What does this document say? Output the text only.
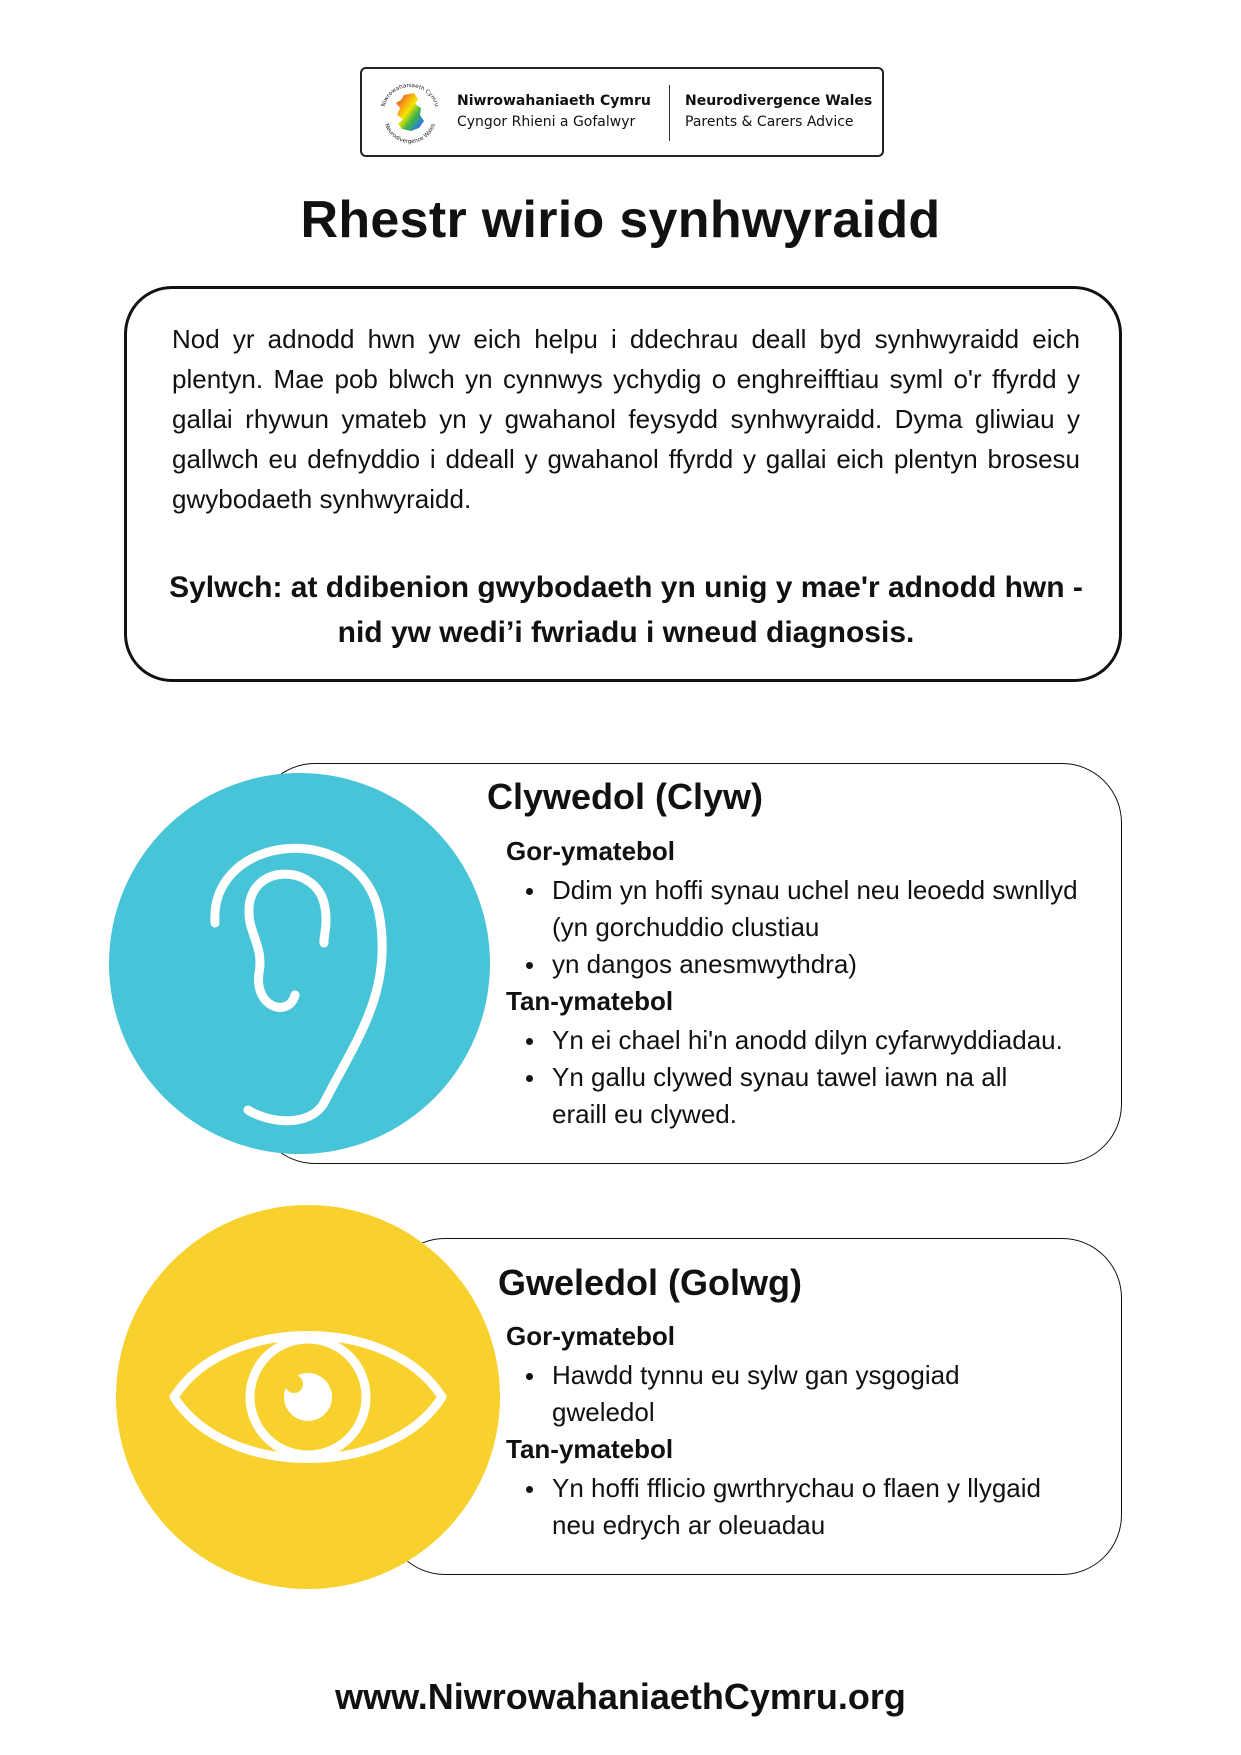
Niwrowahaniaeth Cymru
Neurodivergence Wales
Niwrowahaniaeth Cymru
Cyngor Rhieni a Gofalwyr
Neurodivergence Wales
Parents & Carers Advice
Rhestr wirio synhwyraidd

Nod yr adnodd hwn yw eich helpu i ddechrau deall byd synhwyraidd eich plentyn. Mae pob blwch yn cynnwys ychydig o enghreifftiau syml o'r ffyrdd y gallai rhywun ymateb yn y gwahanol feysydd synhwyraidd. Dyma gliwiau y gallwch eu defnyddio i ddeall y gwahanol ffyrdd y gallai eich plentyn brosesu gwybodaeth synhwyraidd.

Sylwch: at ddibenion gwybodaeth yn unig y mae'r adnodd hwn - nid yw wedi’i fwriadu i wneud diagnosis.

Clywedol (Clyw)
Gor-ymatebol
Ddim yn hoffi synau uchel neu leoedd swnllyd (yn gorchuddio clustiau
yn dangos anesmwythdra)
Tan-ymatebol
Yn ei chael hi'n anodd dilyn cyfarwyddiadau.
Yn gallu clywed synau tawel iawn na all eraill eu clywed.
Gweledol (Golwg)
Gor-ymatebol
Hawdd tynnu eu sylw gan ysgogiad gweledol
Tan-ymatebol
Yn hoffi fflicio gwrthrychau o flaen y llygaid neu edrych ar oleuadau

www.NiwrowahaniaethCymru.org
